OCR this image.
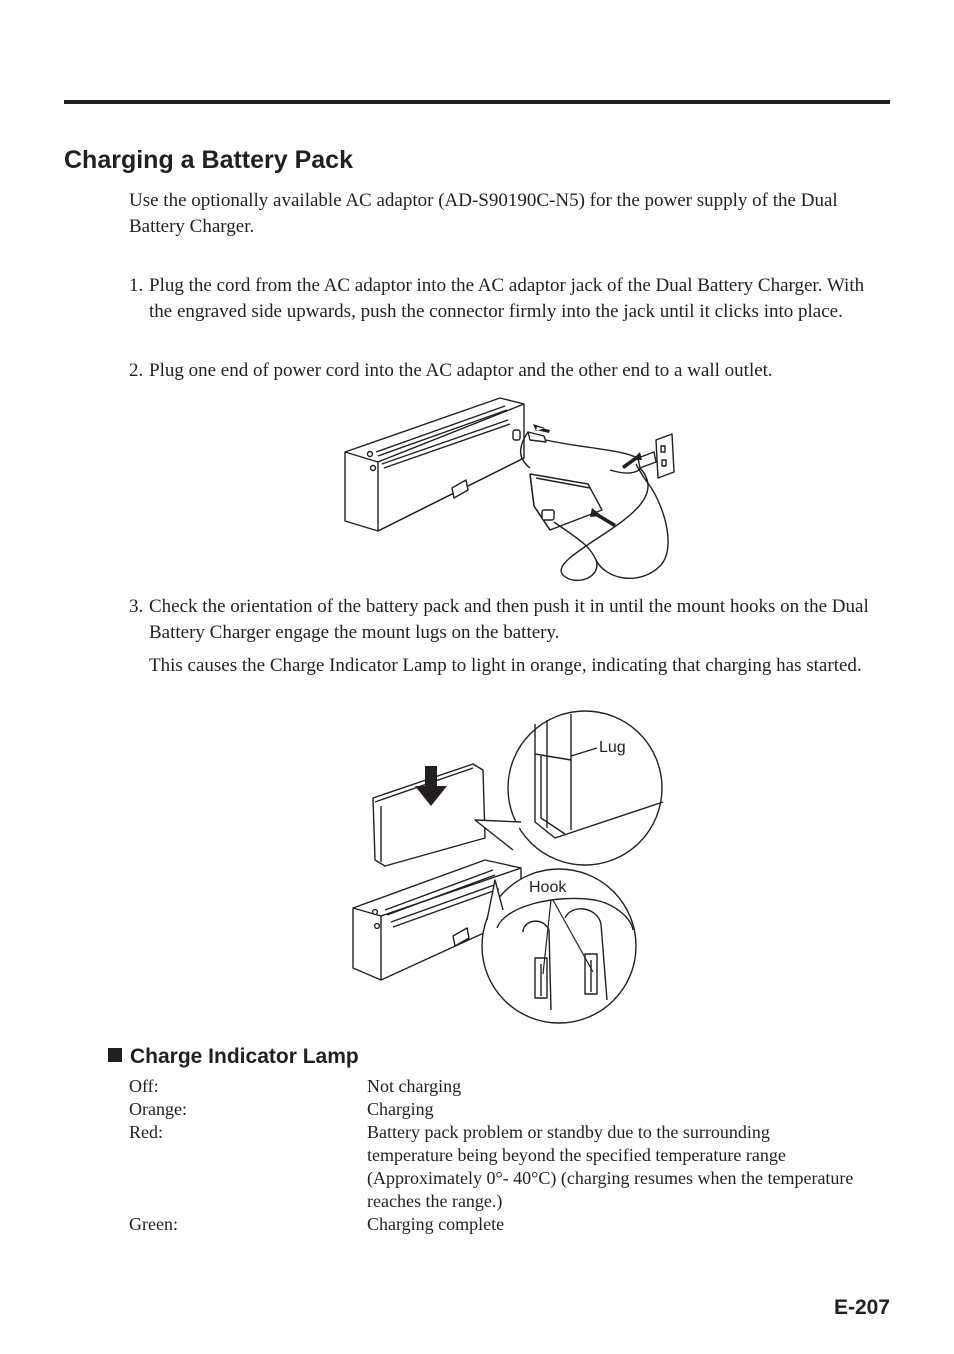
Charging a Battery Pack

Use the optionally available AC adaptor (AD-S90190C-N5) for the power supply of the Dual Battery Charger.

1. Plug the cord from the AC adaptor into the AC adaptor jack of the Dual Battery Charger. With the engraved side upwards, push the connector firmly into the jack until it clicks into place.
2. Plug one end of power cord into the AC adaptor and the other end to a wall outlet.
3. Check the orientation of the battery pack and then push it in until the mount hooks on the Dual Battery Charger engage the mount lugs on the battery.

This causes the Charge Indicator Lamp to light in orange, indicating that charging has started.

Lug
Hook
Charge Indicator Lamp
Off:	Not charging
Orange:	Charging
Red:	Battery pack problem or standby due to the surrounding temperature being beyond the specified temperature range (Approximately 0°- 40°C) (charging resumes when the temperature reaches the range.)
Green:	Charging complete
E-207
